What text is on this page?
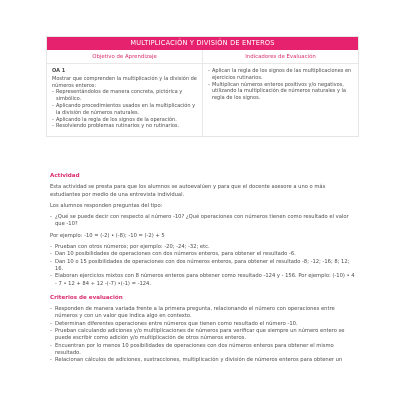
MULTIPLICACIÓN Y DIVISIÓN DE ENTEROS
Objetivo de Aprendizaje	Indicadores de Evaluación
OA 1
Mostrar que comprenden la multiplicación y la división de números enteros:
- Representándolos de manera concreta, pictórica y simbólico.
- Aplicando procedimientos usados en la multiplicación y la división de números naturales.
- Aplicando la regla de los signos de la operación.
- Resolviendo problemas rutinarios y no rutinarios.
- Aplican la regla de los signos de las multiplicaciones en ejercicios rutinarios.
- Multiplican números enteros positivos y/o negativos, utilizando la multiplicación de números naturales y la regla de los signos.
Actividad
Esta actividad se presta para que los alumnos se autoevalúen y para que el docente asesore a uno o más estudiantes por medio de una entrevista individual.
Los alumnos responden preguntas del tipo:
- ¿Qué se puede decir con respecto al número -10? ¿Qué operaciones con números tienen como resultado el valor que -10?
Por ejemplo: -10 = (-2) • (-8); -10 = (-2) + 5
- Prueban con otros números; por ejemplo: -20; -24; -32; etc.
- Dan 10 posibilidades de operaciones con dos números enteros, para obtener el resultado -6.
- Dan 10 o 15 posibilidades de operaciones con dos números enteros, para obtener el resultado -8; -12; -16; 8; 12; 16.
- Elaboran ejercicios mixtos con 8 números enteros para obtener como resultado -124 y - 156. Por ejemplo: (-10) • 4 - 7 • 12 + 84 ÷ 12 -(-7) •(-1) = -124.
Criterios de evaluación
- Responden de manera variada frente a la primera pregunta, relacionando el número con operaciones entre números y con un valor que indica algo en contexto.
- Determinan diferentes operaciones entre números que tienen como resultado el número -10.
- Prueban calculando adiciones y/o multiplicaciones de números para verificar que siempre un número entero se puede escribir como adición y/o multiplicación de otros números enteros.
- Encuentran por lo menos 10 posibilidades de operaciones con dos números enteros para obtener el mismo resultado.
- Relacionan cálculos de adiciones, sustracciones, multiplicación y división de números enteros para obtener un
